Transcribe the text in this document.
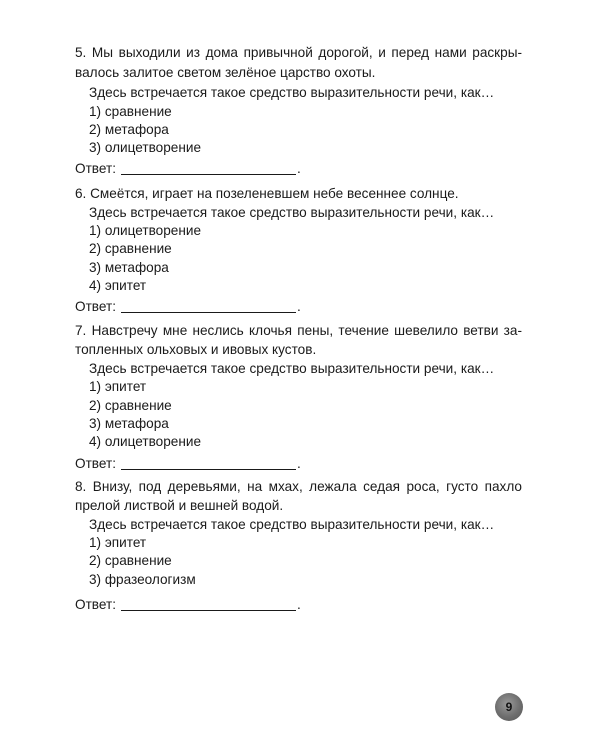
5. Мы выходили из дома привычной дорогой, и перед нами раскры-
валось залитое светом зелёное царство охоты.
Здесь встречается такое средство выразительности речи, как…
1) сравнение
2) метафора
3) олицетворение
Ответ:	.
6. Смеётся, играет на позеленевшем небе весеннее солнце.
Здесь встречается такое средство выразительности речи, как…
1) олицетворение
2) сравнение
3) метафора
4) эпитет
Ответ:	.
7. Навстречу мне неслись клочья пены, течение шевелило ветви за-
топленных ольховых и ивовых кустов.
Здесь встречается такое средство выразительности речи, как…
1) эпитет
2) сравнение
3) метафора
4) олицетворение
Ответ:	.
8. Внизу, под деревьями, на мхах, лежала седая роса, густо пахло
прелой листвой и вешней водой.
Здесь встречается такое средство выразительности речи, как…
1) эпитет
2) сравнение
3) фразеологизм
Ответ:	.
9
